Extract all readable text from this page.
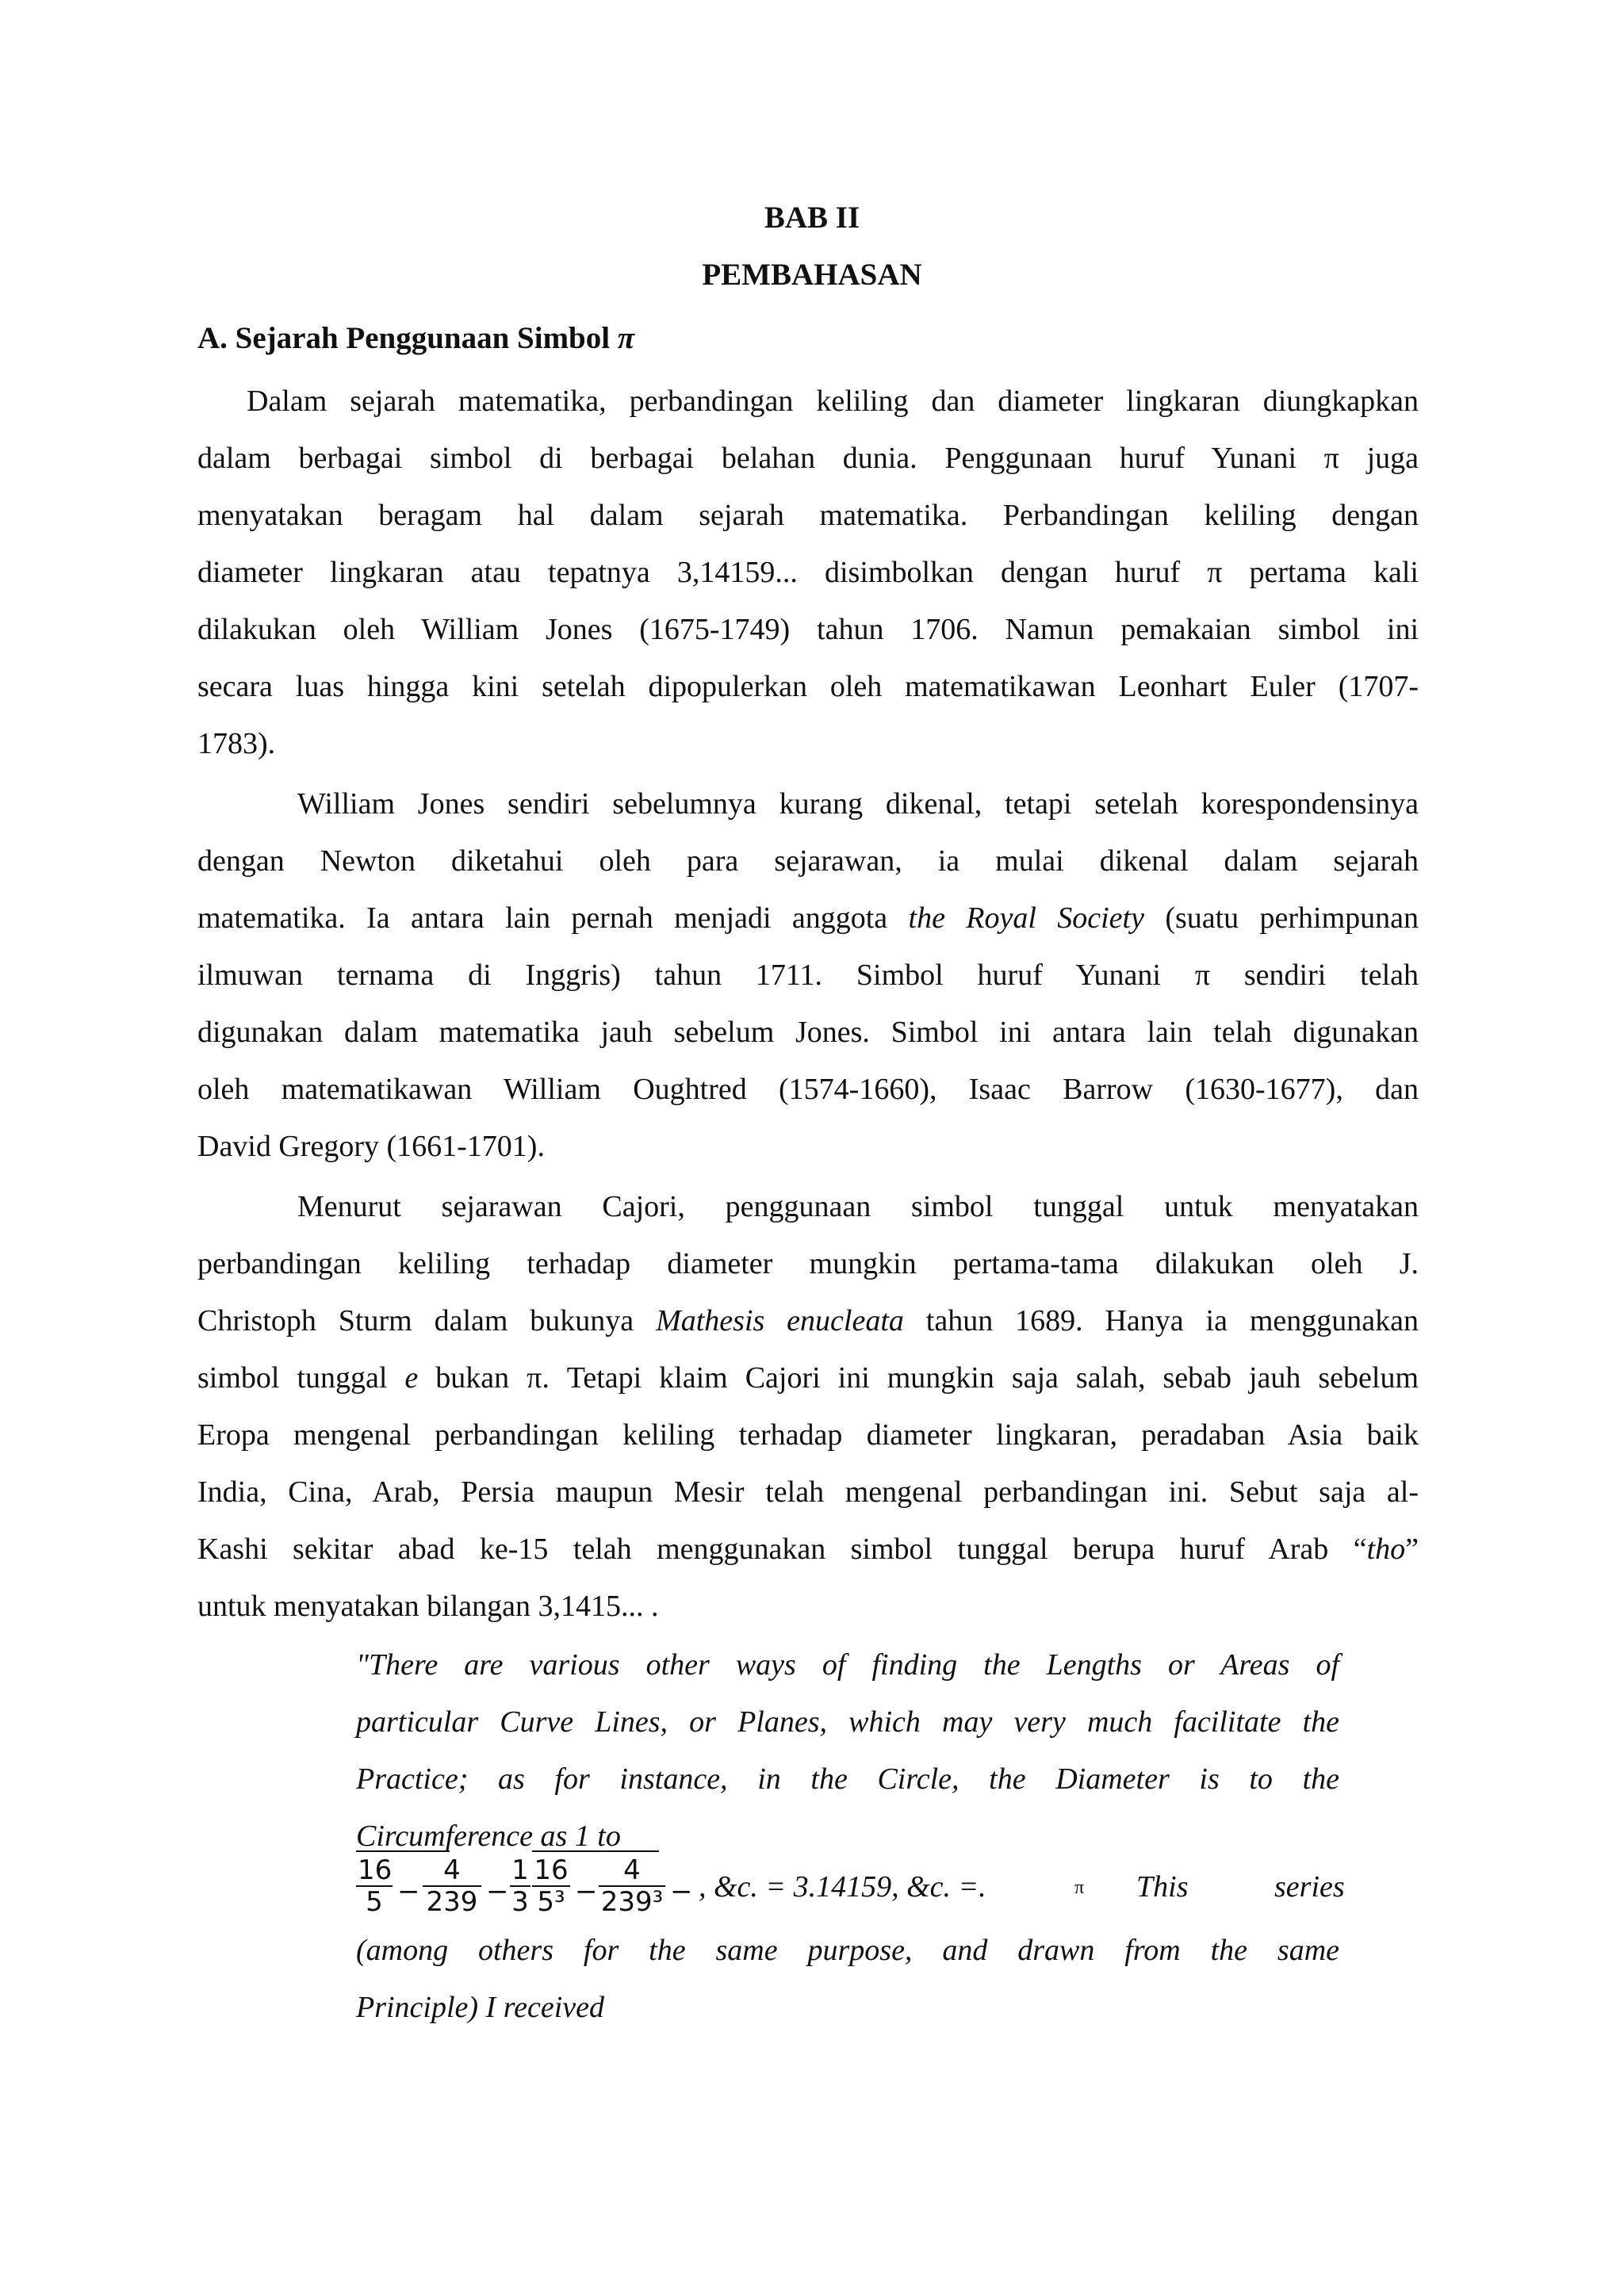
BAB II
PEMBAHASAN
A. Sejarah Penggunaan Simbol π
Dalam sejarah matematika, perbandingan keliling dan diameter lingkaran diungkapkan
dalam berbagai simbol di berbagai belahan dunia. Penggunaan huruf Yunani π juga
menyatakan beragam hal dalam sejarah matematika. Perbandingan keliling dengan
diameter lingkaran atau tepatnya 3,14159... disimbolkan dengan huruf π pertama kali
dilakukan oleh William Jones (1675-1749) tahun 1706. Namun pemakaian simbol ini
secara luas hingga kini setelah dipopulerkan oleh matematikawan Leonhart Euler (1707-
1783).
William Jones sendiri sebelumnya kurang dikenal, tetapi setelah korespondensinya
dengan Newton diketahui oleh para sejarawan, ia mulai dikenal dalam sejarah
matematika. Ia antara lain pernah menjadi anggota the Royal Society (suatu perhimpunan
ilmuwan ternama di Inggris) tahun 1711. Simbol huruf Yunani π sendiri telah
digunakan dalam matematika jauh sebelum Jones. Simbol ini antara lain telah digunakan
oleh matematikawan William Oughtred (1574-1660), Isaac Barrow (1630-1677), dan
David Gregory (1661-1701).
Menurut sejarawan Cajori, penggunaan simbol tunggal untuk menyatakan
perbandingan keliling terhadap diameter mungkin pertama-tama dilakukan oleh J.
Christoph Sturm dalam bukunya Mathesis enucleata tahun 1689. Hanya ia menggunakan
simbol tunggal e bukan π. Tetapi klaim Cajori ini mungkin saja salah, sebab jauh sebelum
Eropa mengenal perbandingan keliling terhadap diameter lingkaran, peradaban Asia baik
India, Cina, Arab, Persia maupun Mesir telah mengenal perbandingan ini. Sebut saja al-
Kashi sekitar abad ke-15 telah menggunakan simbol tunggal berupa huruf Arab “tho”
untuk menyatakan bilangan 3,1415... .
"There are various other ways of finding the Lengths or Areas of
particular Curve Lines, or Planes, which may very much facilitate the
Practice; as for instance, in the Circle, the Diameter is to the
Circumference as 1 to
$\frac{16}{5} - \frac{4}{239} - \frac{1}{3} \frac{16}{\text{5³}} - \frac{4}{\text{239³}}$ − , &c. = 3.14159, &c. =.	π This	series
(among others for the same purpose, and drawn from the same
Principle) I received
